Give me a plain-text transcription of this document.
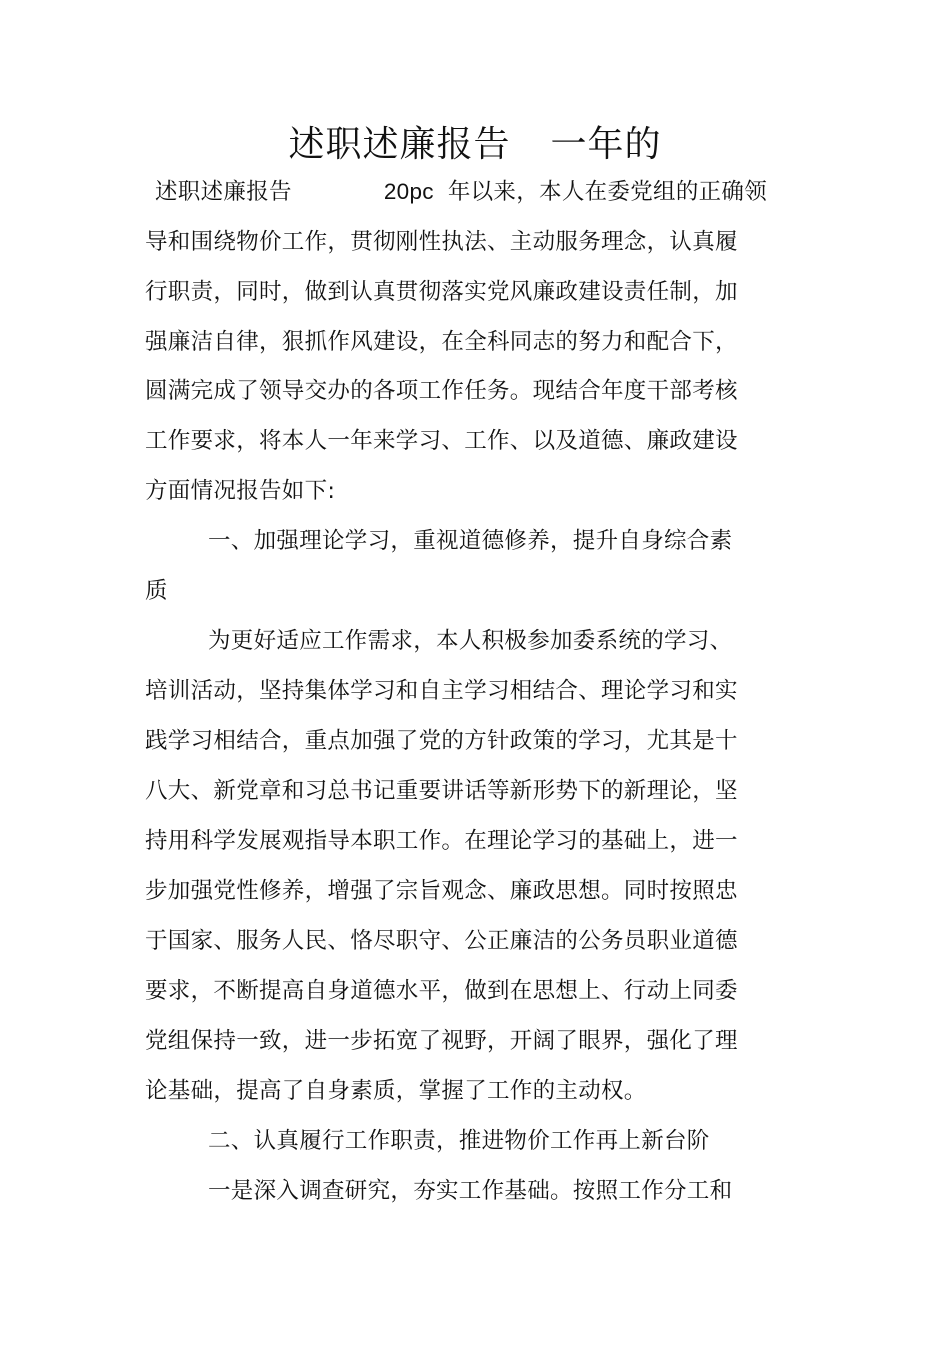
述职述廉报告 一年的
述职述廉报告	20pc 年以来，本人在委党组的正确领
导和围绕物价工作，贯彻刚性执法、主动服务理念，认真履
行职责，同时，做到认真贯彻落实党风廉政建设责任制，加
强廉洁自律，狠抓作风建设，在全科同志的努力和配合下，
圆满完成了领导交办的各项工作任务。现结合年度干部考核
工作要求，将本人一年来学习、工作、以及道德、廉政建设
方面情况报告如下:
一、加强理论学习，重视道德修养，提升自身综合素
质
为更好适应工作需求，本人积极参加委系统的学习、
培训活动，坚持集体学习和自主学习相结合、理论学习和实
践学习相结合，重点加强了党的方针政策的学习，尤其是十
八大、新党章和习总书记重要讲话等新形势下的新理论，坚
持用科学发展观指导本职工作。在理论学习的基础上，进一
步加强党性修养，增强了宗旨观念、廉政思想。同时按照忠
于国家、服务人民、恪尽职守、公正廉洁的公务员职业道德
要求，不断提高自身道德水平，做到在思想上、行动上同委
党组保持一致，进一步拓宽了视野，开阔了眼界，强化了理
论基础，提高了自身素质，掌握了工作的主动权。
二、认真履行工作职责，推进物价工作再上新台阶
一是深入调查研究，夯实工作基础。按照工作分工和
